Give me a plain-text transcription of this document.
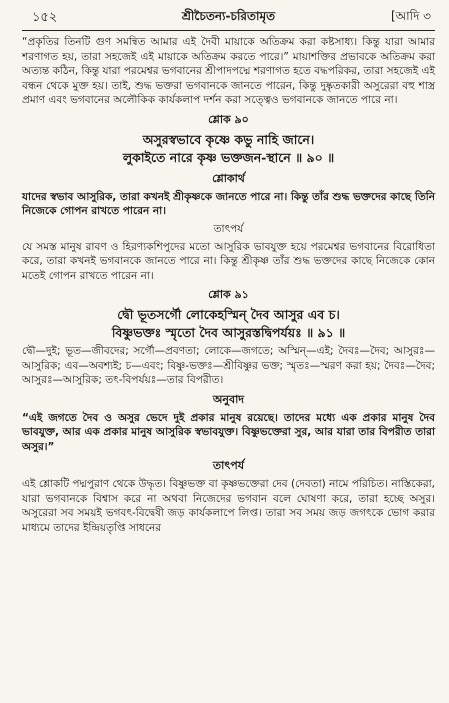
১৫২	শ্রীচৈতন্য-চরিতামৃত	[আদি ৩

“প্রকৃতির তিনটি গুণ সমন্বিত আমার এই দৈবী মায়াকে অতিক্রম করা কষ্টসাধ্য। কিন্তু যারা আমার শরণাগত হয়, তারা সহজেই এই মায়াকে অতিক্রম করতে পারে।” মায়াশক্তির প্রভাবকে অতিক্রম করা অত্যন্ত কঠিন, কিন্তু যারা পরমেশ্বর ভগবানের শ্রীপাদপদ্মে শরণাগত হতে বদ্ধপরিকর, তারা সহজেই এই বন্ধন থেকে মুক্ত হয়। তাই, শুদ্ধ ভক্তরা ভগবানকে জানতে পারেন, কিন্তু দুষ্কৃতকারী অসুরেরা বহু শাস্ত্র প্রমাণ এবং ভগবানের অলৌকিক কার্যকলাপ দর্শন করা সত্ত্বেও ভগবানকে জানতে পারে না।

শ্লোক ৯০

অসুরস্বভাবে কৃষ্ণে কভু নাহি জানে।

লুকাইতে নারে কৃষ্ণ ভক্তজন-স্থানে ॥ ৯০ ॥

শ্লোকার্থ

যাদের স্বভাব আসুরিক, তারা কখনই শ্রীকৃষ্ণকে জানতে পারে না। কিন্তু তাঁর শুদ্ধ ভক্তদের কাছে তিনি নিজেকে গোপন রাখতে পারেন না।

তাৎপর্য

যে সমস্ত মানুষ রাবণ ও হিরণ্যকশিপুদের মতো আসুরিক ভাবযুক্ত হয়ে পরমেশ্বর ভগবানের বিরোধিতা করে, তারা কখনই ভগবানকে জানতে পারে না। কিন্তু শ্রীকৃষ্ণ তাঁর শুদ্ধ ভক্তদের কাছে নিজেকে কোন মতেই গোপন রাখতে পারেন না।

শ্লোক ৯১

দ্বৌ ভূতসর্গৌ লোকেহস্মিন্ দৈব আসুর এব চ।

বিষ্ণুভক্তঃ স্মৃতো দৈব আসুরস্তদ্বিপর্যয়ঃ ॥ ৯১ ॥

দ্বৌ—দুই; ভূত—জীবদের; সর্গৌ—প্রবণতা; লোকে—জগতে; অস্মিন্—এই; দৈবঃ—দৈব; আসুরঃ—আসুরিক; এব—অবশ্যই; চ—এবং; বিষ্ণু-ভক্তঃ—শ্রীবিষ্ণুর ভক্ত; স্মৃতঃ—স্মরণ করা হয়; দৈবঃ—দৈব; আসুরঃ—আসুরিক; তৎ-বিপর্যয়ঃ—তার বিপরীত।

অনুবাদ

“এই জগতে দৈব ও অসুর ভেদে দুই প্রকার মানুষ রয়েছে। তাদের মধ্যে এক প্রকার মানুষ দৈব ভাবযুক্ত, আর এক প্রকার মানুষ আসুরিক স্বভাবযুক্ত। বিষ্ণুভক্তেরা সুর, আর যারা তার বিপরীত তারা অসুর।”

তাৎপর্য

এই শ্লোকটি পদ্মপুরাণ থেকে উদ্ধৃত। বিষ্ণুভক্ত বা কৃষ্ণভক্তেরা দেব (দেবতা) নামে পরিচিত। নাস্তিকেরা, যারা ভগবানকে বিশ্বাস করে না অথবা নিজেদের ভগবান বলে ঘোষণা করে, তারা হচ্ছে অসুর। অসুরেরা সব সময়ই ভগবৎ-বিদ্বেষী জড় কার্যকলাপে লিপ্ত। তারা সব সময় জড় জগৎকে ভোগ করার মাধ্যমে তাদের ইন্দ্রিয়তৃপ্তি সাধনের
